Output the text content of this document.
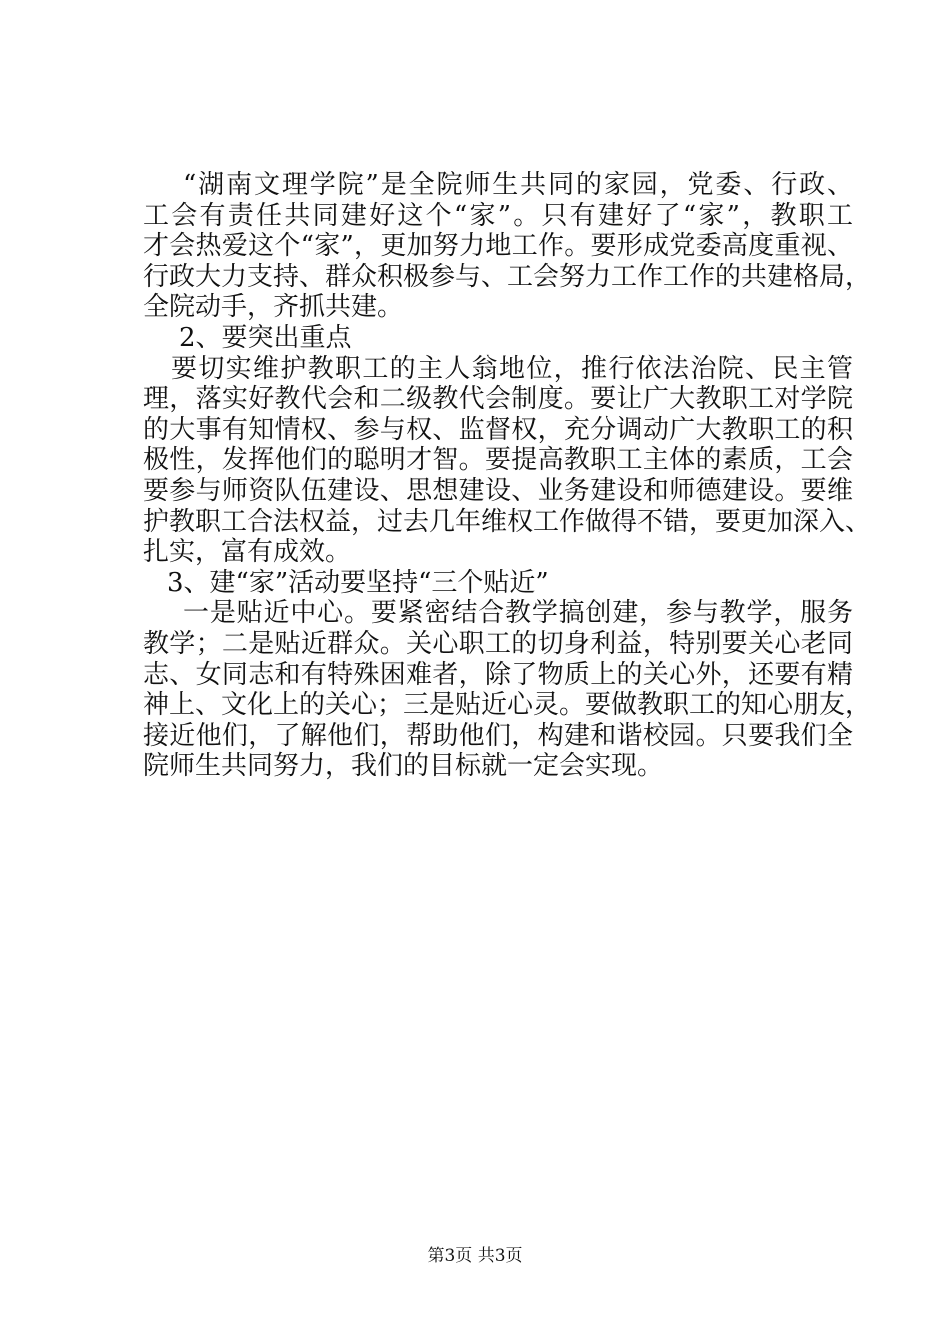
“湖南文理学院”是全院师生共同的家园，党委、行政、
工会有责任共同建好这个“家”。只有建好了“家”，教职工
才会热爱这个“家”，更加努力地工作。要形成党委高度重视、
行政大力支持、群众积极参与、工会努力工作工作的共建格局，
全院动手，齐抓共建。
2、要突出重点
要切实维护教职工的主人翁地位，推行依法治院、民主管
理，落实好教代会和二级教代会制度。要让广大教职工对学院
的大事有知情权、参与权、监督权，充分调动广大教职工的积
极性，发挥他们的聪明才智。要提高教职工主体的素质，工会
要参与师资队伍建设、思想建设、业务建设和师德建设。要维
护教职工合法权益，过去几年维权工作做得不错，要更加深入、
扎实，富有成效。
3、建“家”活动要坚持“三个贴近”
一是贴近中心。要紧密结合教学搞创建，参与教学，服务
教学；二是贴近群众。关心职工的切身利益，特别要关心老同
志、女同志和有特殊困难者，除了物质上的关心外，还要有精
神上、文化上的关心；三是贴近心灵。要做教职工的知心朋友，
接近他们，了解他们，帮助他们，构建和谐校园。只要我们全
院师生共同努力，我们的目标就一定会实现。
第3页 共3页
